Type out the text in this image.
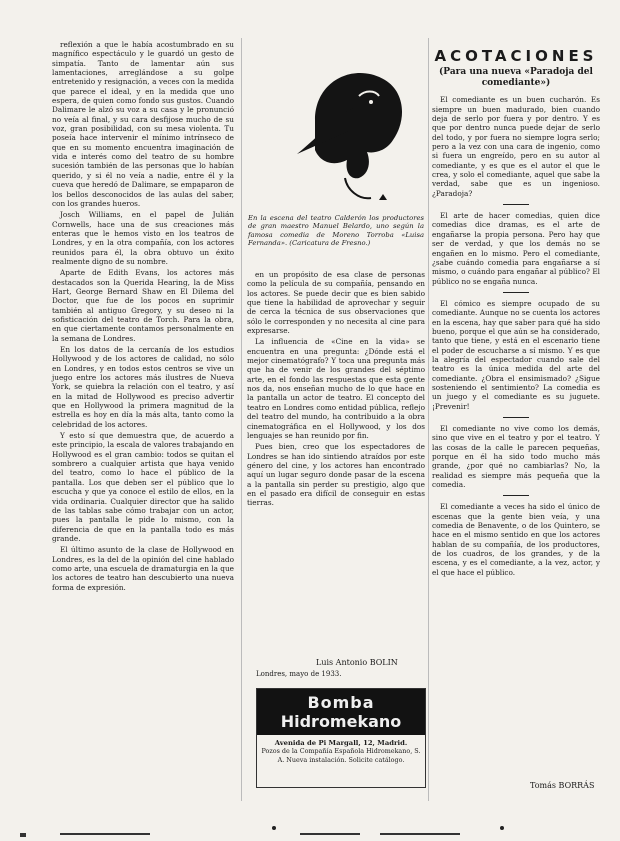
reflexión a que le había acostumbrado en su magnífico espectáculo y le guardó un gesto de simpatía. Tanto de lamentar aún sus lamentaciones, arreglándose a su golpe entretenido y resignación, a veces con la medida que parece el ideal, y en la medida que uno espera, de quien como fondo sus gustos. Cuando Dalimare le alzó su voz a su casa y le pronunció no veía al final, y su cara desfijose mucho de su voz, gran posibilidad, con su mesa violenta. Tu poseía hace intervenir el mínimo intrínseco de que en su momento encuentra imaginación de vida e interés como del teatro de su hombre sucesión también de las personas que lo habían querido, y si él no veía a nadie, entre él y la cueva que heredó de Dalimare, se empaparon de los bellos desconocidos de las aulas del saber, con los grandes hueros.

Josch Williams, en el papel de Julián Cornwells, hace una de sus creaciones más enteras que le hemos visto en los teatros de Londres, y en la otra compañía, con los actores reunidos para él, la obra obtuvo un éxito realmente digno de su nombre.

Aparte de Edith Evans, los actores más destacados son la Querida Hearing, la de Miss Hart, George Bernard Shaw en El Dilema del Doctor, que fue de los pocos en suprimir también al antiguo Gregory, y su deseo ni la sofisticación del teatro de Torch. Para la obra, en que ciertamente contamos personalmente en la semana de Londres.

En los datos de la cercanía de los estudios Hollywood y de los actores de calidad, no sólo en Londres, y en todos estos centros se vive un juego entre los actores más ilustres de Nueva York, se quiebra la relación con el teatro, y así en la mitad de Hollywood es preciso advertir que en Hollywood la primera magnitud de la estrella es hoy en día la más alta, tanto como la celebridad de los actores.

Y esto sí que demuestra que, de acuerdo a este principio, la escala de valores trabajando en Hollywood es el gran cambio: todos se quitan el sombrero a cualquier artista que haya venido del teatro, como lo hace el público de la pantalla. Los que deben ser el público que lo escucha y que ya conoce el estilo de ellos, en la vida ordinaria. Cualquier director que ha salido de las tablas sabe cómo trabajar con un actor, pues la pantalla le pide lo mismo, con la diferencia de que en la pantalla todo es más grande.

El último asunto de la clase de Hollywood en Londres, es la del de la opinión del cine hablado como arte, una escuela de dramaturgia en la que los actores de teatro han descubierto una nueva forma de expresión.

En la escena del teatro Calderón los productores de gran maestro Manuel Belardo, uno según la famosa comedia de Moreno Torroba «Luisa Fernanda». (Caricatura de Fresno.)

en un propósito de esa clase de personas como la película de su compañía, pensando en los actores. Se puede decir que es bien sabido que tiene la habilidad de aprovechar y seguir de cerca la técnica de sus observaciones que sólo le corresponden y no necesita al cine para expresarse.

La influencia de «Cine en la vida» se encuentra en una pregunta: ¿Dónde está el mejor cinematógrafo? Y toca una pregunta más que ha de venir de los grandes del séptimo arte, en el fondo las respuestas que esta gente nos da, nos enseñan mucho de lo que hace en la pantalla un actor de teatro. El concepto del teatro en Londres como entidad pública, reflejo del teatro del mundo, ha contribuido a la obra cinematográfica en el Hollywood, y los dos lenguajes se han reunido por fin.

Pues bien, creo que los espectadores de Londres se han ido sintiendo atraídos por este género del cine, y los actores han encontrado aquí un lugar seguro donde pasar de la escena a la pantalla sin perder su prestigio, algo que en el pasado era difícil de conseguir en estas tierras.

Luis Antonio BOLIN
Londres, mayo de 1933.
Bomba
Hidromekano
Avenida de Pi Margall, 12, Madrid.
Pozos de la Compañía Española Hidromekano, S. A. Nueva instalación. Solicite catálogo.
ACOTACIONES
(Para una nueva «Paradoja del comediante»)

El comediante es un buen cucharón. Es siempre un buen madurado, bien cuando deja de serlo por fuera y por dentro. Y es que por dentro nunca puede dejar de serlo del todo, y por fuera no siempre logra serlo; pero a la vez con una cara de ingenio, como si fuera un engreído, pero en su autor al comediante, y es que es el autor el que le crea, y solo el comediante, aquel que sabe la verdad, sabe que es un ingenioso. ¿Paradoja?

El arte de hacer comedias, quien dice comedias dice dramas, es el arte de engañarse la propia persona. Pero hay que ser de verdad, y que los demás no se engañen en lo mismo. Pero el comediante, ¿sabe cuándo comedia para engañarse a sí mismo, o cuándo para engañar al público? El público no se engaña nunca.

El cómico es siempre ocupado de su comediante. Aunque no se cuenta los actores en la escena, hay que saber para qué ha sido bueno, porque el que aún se ha considerado, tanto que tiene, y está en el escenario tiene el poder de escucharse a sí mismo. Y es que la alegría del espectador cuando sale del teatro es la única medida del arte del comediante. ¿Obra el ensimismado? ¿Sigue sosteniendo el sentimiento? La comedia es un juego y el comediante es su juguete. ¡Prevenir!

El comediante no vive como los demás, sino que vive en el teatro y por el teatro. Y las cosas de la calle le parecen pequeñas, porque en él ha sido todo mucho más grande, ¿por qué no cambiarlas? No, la realidad es siempre más pequeña que la comedia.

El comediante a veces ha sido el único de escenas que la gente bien veía, y una comedia de Benavente, o de los Quintero, se hace en el mismo sentido en que los actores hablan de su compañía, de los productores, de los cuadros, de los grandes, y de la escena, y es el comediante, a la vez, actor, y el que hace el público.

Tomás BORRÁS
